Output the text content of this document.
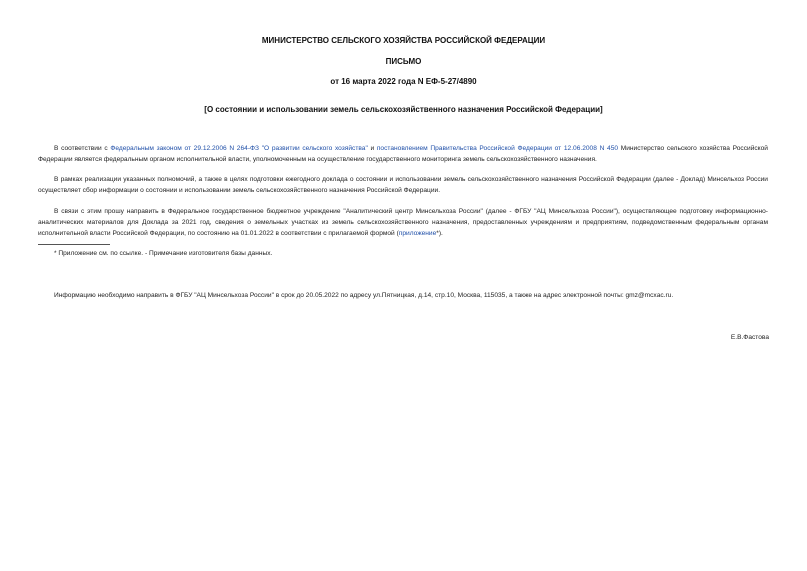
МИНИСТЕРСТВО СЕЛЬСКОГО ХОЗЯЙСТВА РОССИЙСКОЙ ФЕДЕРАЦИИ
ПИСЬМО
от 16 марта 2022 года N ЕФ-5-27/4890
[О состоянии и использовании земель сельскохозяйственного назначения Российской Федерации]

В соответствии с Федеральным законом от 29.12.2006 N 264-ФЗ "О развитии сельского хозяйства" и постановлением Правительства Российской Федерации от 12.06.2008 N 450 Министерство сельского хозяйства Российской Федерации является федеральным органом исполнительной власти, уполномоченным на осуществление государственного мониторинга земель сельскохозяйственного назначения.

В рамках реализации указанных полномочий, а также в целях подготовки ежегодного доклада о состоянии и использовании земель сельскохозяйственного назначения Российской Федерации (далее - Доклад) Минсельхоз России осуществляет сбор информации о состоянии и использовании земель сельскохозяйственного назначения Российской Федерации.

В связи с этим прошу направить в Федеральное государственное бюджетное учреждение "Аналитический центр Минсельхоза России" (далее - ФГБУ "АЦ Минсельхоза России"), осуществляющее подготовку информационно-аналитических материалов для Доклада за 2021 год, сведения о земельных участках из земель сельскохозяйственного назначения, предоставленных учреждениям и предприятиям, подведомственным федеральным органам исполнительной власти Российской Федерации, по состоянию на 01.01.2022 в соответствии с прилагаемой формой (приложение*).

* Приложение см. по ссылке. - Примечание изготовителя базы данных.
Информацию необходимо направить в ФГБУ "АЦ Минсельхоза России" в срок до 20.05.2022 по адресу ул.Пятницкая, д.14, стр.10, Москва, 115035, а также на адрес электронной почты: gmz@mcxac.ru.
Е.В.Фастова
